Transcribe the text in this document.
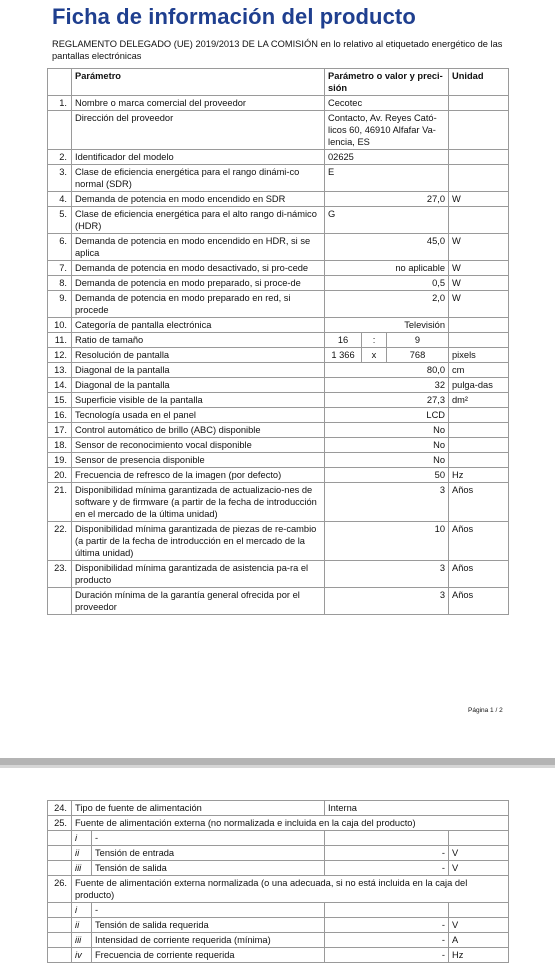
Ficha de información del producto
REGLAMENTO DELEGADO (UE) 2019/2013 DE LA COMISIÓN en lo relativo al etiquetado energético de las pantallas electrónicas
	Parámetro	Parámetro o valor y preci-sión			Unidad
1.	Nombre o marca comercial del proveedor	Cecotec			
	Dirección del proveedor	Contacto, Av. Reyes Cató-licos 60, 46910 Alfafar Va-lencia, ES			
2.	Identificador del modelo	02625			
3.	Clase de eficiencia energética para el rango dinámi-co normal (SDR)	E			
4.	Demanda de potencia en modo encendido en SDR	27,0			W
5.	Clase de eficiencia energética para el alto rango di-námico (HDR)	G			
6.	Demanda de potencia en modo encendido en HDR, si se aplica	45,0			W
7.	Demanda de potencia en modo desactivado, si pro-cede	no aplicable			W
8.	Demanda de potencia en modo preparado, si proce-de	0,5			W
9.	Demanda de potencia en modo preparado en red, si procede	2,0			W
10.	Categoría de pantalla electrónica	Televisión			
11.	Ratio de tamaño	16	:	9	
12.	Resolución de pantalla	1 366	x	768	pixels
13.	Diagonal de la pantalla	80,0			cm
14.	Diagonal de la pantalla	32			pulga-das
15.	Superficie visible de la pantalla	27,3			dm²
16.	Tecnología usada en el panel	LCD			
17.	Control automático de brillo (ABC) disponible	No			
18.	Sensor de reconocimiento vocal disponible	No			
19.	Sensor de presencia disponible	No			
20.	Frecuencia de refresco de la imagen (por defecto)	50			Hz
21.	Disponibilidad mínima garantizada de actualizacio-nes de software y de firmware (a partir de la fecha de introducción en el mercado de la última unidad)	3			Años
22.	Disponibilidad mínima garantizada de piezas de re-cambio (a partir de la fecha de introducción en el mercado de la última unidad)	10			Años
23.	Disponibilidad mínima garantizada de asistencia pa-ra el producto	3			Años
	Duración mínima de la garantía general ofrecida por el proveedor	3			Años
Página 1 / 2
24.	Tipo de fuente de alimentación		Interna	
25.	Fuente de alimentación externa (no normalizada e incluida en la caja del producto)			
	i	-		
	ii	Tensión de entrada	-	V
	iii	Tensión de salida	-	V
26.	Fuente de alimentación externa normalizada (o una adecuada, si no está incluida en la caja del producto)			
	i	-		
	ii	Tensión de salida requerida	-	V
	iii	Intensidad de corriente requerida (mínima)	-	A
	iv	Frecuencia de corriente requerida	-	Hz
